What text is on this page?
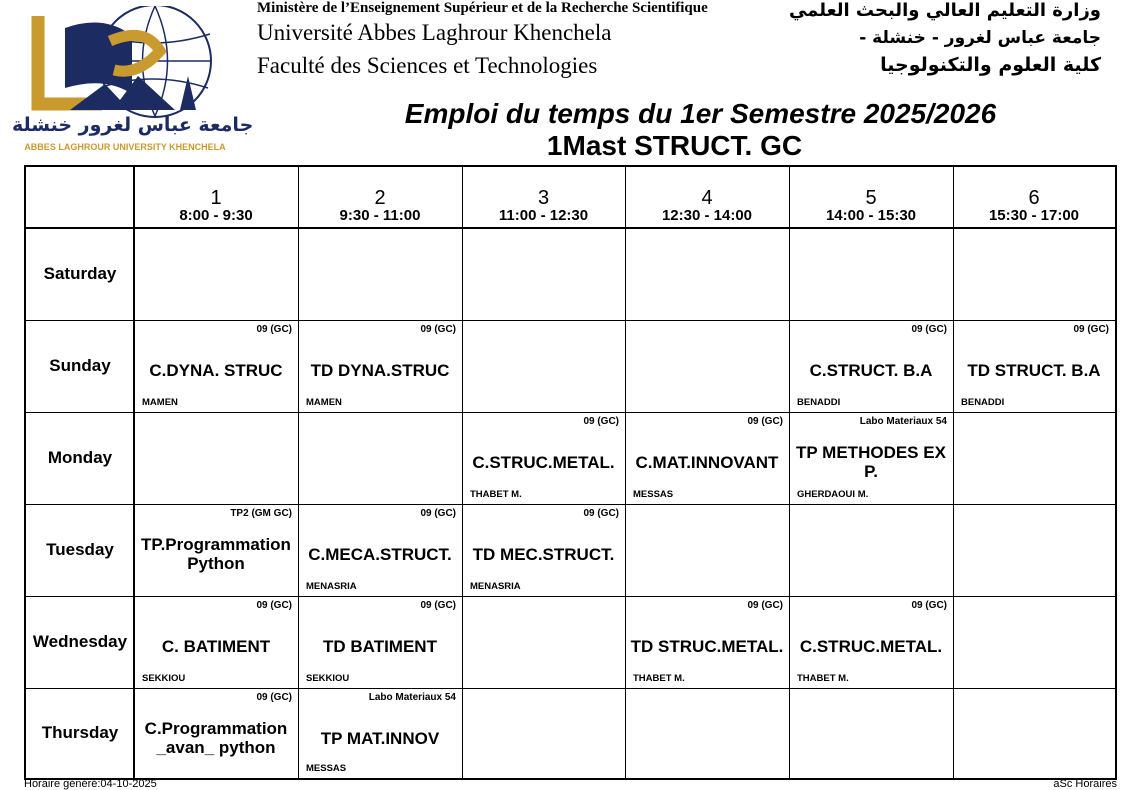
جامعة عباس لغرور خنشلة
ABBES LAGHROUR UNIVERSITY KHENCHELA
Ministère de l’Enseignement Supérieur et de la Recherche Scientifique
Université Abbes Laghrour Khenchela
Faculté des Sciences et Technologies
وزارة التعليم العالي والبحث العلمي
جامعة عباس لغرور - خنشلة -
كلية العلوم والتكنولوجيا
Emploi du temps du 1er Semestre 2025/2026
1Mast STRUCT. GC
1
8:00 - 9:30
2
9:30 - 11:00
3
11:00 - 12:30
4
12:30 - 14:00
5
14:00 - 15:30
6
15:30 - 17:00
Saturday
Sunday
Monday
Tuesday
Wednesday
Thursday
09 (GC)
C.DYNA. STRUC
MAMEN
09 (GC)
TD DYNA.STRUC
MAMEN
09 (GC)
C.STRUCT. B.A
BENADDI
09 (GC)
TD STRUCT. B.A
BENADDI
09 (GC)
C.STRUC.METAL.
THABET M.
09 (GC)
C.MAT.INNOVANT
MESSAS
Labo Materiaux 54
TP METHODES EXP.
GHERDAOUI M.
TP2 (GM GC)
TP.Programmation Python
09 (GC)
C.MECA.STRUCT.
MENASRIA
09 (GC)
TD MEC.STRUCT.
MENASRIA
09 (GC)
C. BATIMENT
SEKKIOU
09 (GC)
TD BATIMENT
SEKKIOU
09 (GC)
TD STRUC.METAL.
THABET M.
09 (GC)
C.STRUC.METAL.
THABET M.
09 (GC)
C.Programmation _avan_ python
Labo Materiaux 54
TP MAT.INNOV
MESSAS
Horaire généré:04-10-2025	aSc Horaires
